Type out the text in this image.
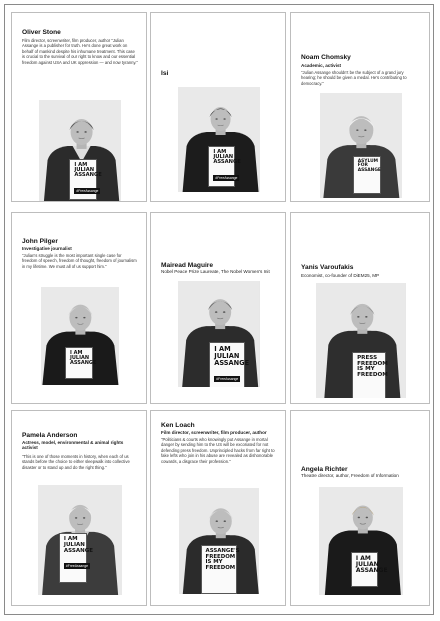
Oliver Stone
Film director, screenwriter, film producer, author "Julian Assange is a publisher for truth. He's done great work on behalf of mankind despite his inhumane treatment. This case is crucial to the survival of our right to know and our essential freedom against USA and UK oppression — and now tyranny."
I AM
JULIAN
ASSANGE
#FreeAssange
Isi
I AM
JULIAN
ASSANGE
#FreeAssange
Noam Chomsky
Academic, activist
"Julian Assange shouldn't be the subject of a grand jury hearing; he should be given a medal. He's contributing to democracy."
ASYLUM
FOR
ASSANGE
John Pilger
Investigative journalist
"Julian's struggle is the most important single case for freedom of speech, freedom of thought, freedom of journalism in my lifetime. We must all of us support him."
I AM
JULIAN
ASSANGE
Mairead Maguire
Nobel Peace Prize Laureate, The Nobel Women's Init
I AM
JULIAN
ASSANGE
#FreeAssange
Yanis Varoufakis
Economist, co-founder of DiEM25, MP
PRESS
FREEDOM
IS MY
FREEDOM
Pamela Anderson
Actress, model, environmental & animal rights activist
"This is one of those moments in history, when each of us stands before the choice to either sleepwalk into collective disaster or to stand up and do the right thing."
I AM
JULIAN
ASSANGE
#FreeAssange
Ken Loach
Film director, screenwriter, film producer, author
"Politicians & courts who knowingly put Assange in mortal danger by sending him to the US will be excoriated for not defending press freedom. Unprincipled hacks from far right to fake lefts who join in his abuse are revealed as dishonorable cowards, a disgrace their profession."
ASSANGE'S
FREEDOM
IS MY
FREEDOM
Angela Richter
Theatre director, author, Freedom of Information
I AM
JULIAN
ASSANGE
